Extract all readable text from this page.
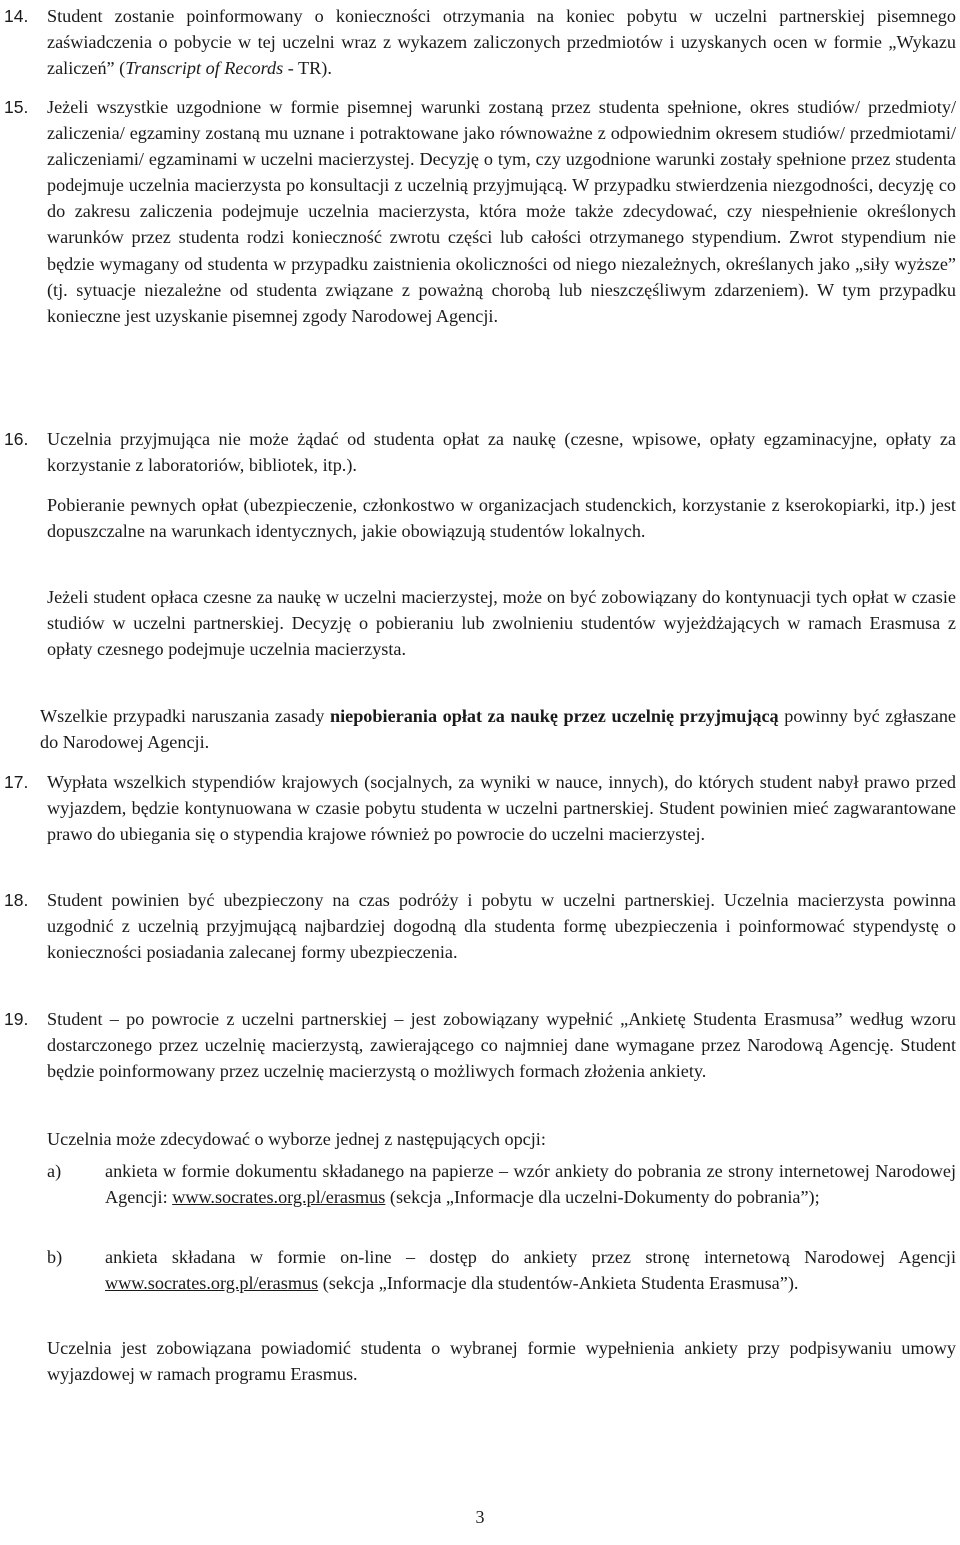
14. Student zostanie poinformowany o konieczności otrzymania na koniec pobytu w uczelni partnerskiej pisemnego zaświadczenia o pobycie w tej uczelni wraz z wykazem zaliczonych przedmiotów i uzyskanych ocen w formie „Wykazu zaliczeń” (Transcript of Records - TR).

15. Jeżeli wszystkie uzgodnione w formie pisemnej warunki zostaną przez studenta spełnione, okres studiów/ przedmioty/ zaliczenia/ egzaminy zostaną mu uznane i potraktowane jako równoważne z odpowiednim okresem studiów/ przedmiotami/ zaliczeniami/ egzaminami w uczelni macierzystej. Decyzję o tym, czy uzgodnione warunki zostały spełnione przez studenta podejmuje uczelnia macierzysta po konsultacji z uczelnią przyjmującą. W przypadku stwierdzenia niezgodności, decyzję co do zakresu zaliczenia podejmuje uczelnia macierzysta, która może także zdecydować, czy niespełnienie określonych warunków przez studenta rodzi konieczność zwrotu części lub całości otrzymanego stypendium. Zwrot stypendium nie będzie wymagany od studenta w przypadku zaistnienia okoliczności od niego niezależnych, określanych jako „siły wyższe” (tj. sytuacje niezależne od studenta związane z poważną chorobą lub nieszczęśliwym zdarzeniem). W tym przypadku konieczne jest uzyskanie pisemnej zgody Narodowej Agencji.

16. Uczelnia przyjmująca nie może żądać od studenta opłat za naukę (czesne, wpisowe, opłaty egzaminacyjne, opłaty za korzystanie z laboratoriów, bibliotek, itp.).

Pobieranie pewnych opłat (ubezpieczenie, członkostwo w organizacjach studenckich, korzystanie z kserokopiarki, itp.) jest dopuszczalne na warunkach identycznych, jakie obowiązują studentów lokalnych.

Jeżeli student opłaca czesne za naukę w uczelni macierzystej, może on być zobowiązany do kontynuacji tych opłat w czasie studiów w uczelni partnerskiej. Decyzję o pobieraniu lub zwolnieniu studentów wyjeżdżających w ramach Erasmusa z opłaty czesnego podejmuje uczelnia macierzysta.

Wszelkie przypadki naruszania zasady niepobierania opłat za naukę przez uczelnię przyjmującą powinny być zgłaszane do Narodowej Agencji.

17. Wypłata wszelkich stypendiów krajowych (socjalnych, za wyniki w nauce, innych), do których student nabył prawo przed wyjazdem, będzie kontynuowana w czasie pobytu studenta w uczelni partnerskiej. Student powinien mieć zagwarantowane prawo do ubiegania się o stypendia krajowe również po powrocie do uczelni macierzystej.

18. Student powinien być ubezpieczony na czas podróży i pobytu w uczelni partnerskiej. Uczelnia macierzysta powinna uzgodnić z uczelnią przyjmującą najbardziej dogodną dla studenta formę ubezpieczenia i poinformować stypendystę o konieczności posiadania zalecanej formy ubezpieczenia.

19. Student – po powrocie z uczelni partnerskiej – jest zobowiązany wypełnić „Ankietę Studenta Erasmusa” według wzoru dostarczonego przez uczelnię macierzystą, zawierającego co najmniej dane wymagane przez Narodową Agencję. Student będzie poinformowany przez uczelnię macierzystą o możliwych formach złożenia ankiety.

Uczelnia może zdecydować o wyborze jednej z następujących opcji:

a) ankieta w formie dokumentu składanego na papierze – wzór ankiety do pobrania ze strony internetowej Narodowej Agencji: www.socrates.org.pl/erasmus (sekcja „Informacje dla uczelni-Dokumenty do pobrania”);

b) ankieta składana w formie on-line – dostęp do ankiety przez stronę internetową Narodowej Agencji www.socrates.org.pl/erasmus (sekcja „Informacje dla studentów-Ankieta Studenta Erasmusa”).

Uczelnia jest zobowiązana powiadomić studenta o wybranej formie wypełnienia ankiety przy podpisywaniu umowy wyjazdowej w ramach programu Erasmus.

3
